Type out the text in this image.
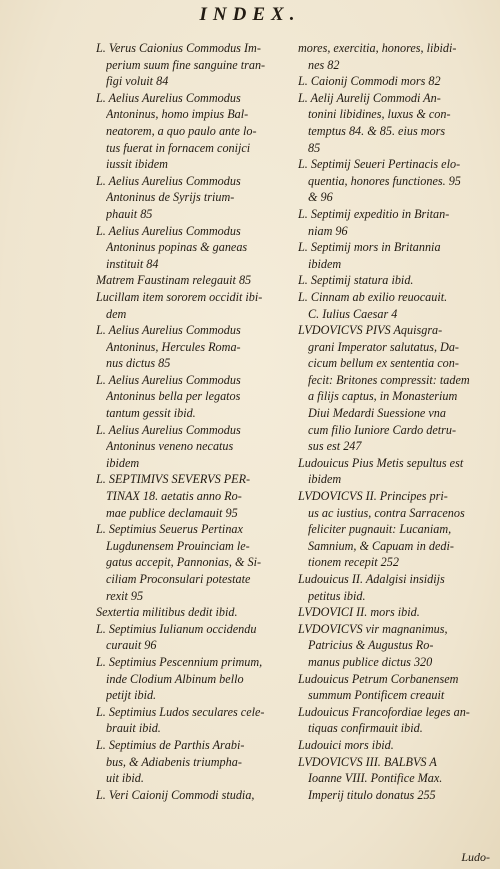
INDEX.
L. Verus Caionius Commodus Im-
perium suum fine sanguine tran-
figi voluit 84
L. Aelius Aurelius Commodus
Antoninus, homo impius Bal-
neatorem, a quo paulo ante lo-
tus fuerat in fornacem conijci
iussit ibidem
L. Aelius Aurelius Commodus
Antoninus de Syrijs trium-
phauit 85
L. Aelius Aurelius Commodus
Antoninus popinas & ganeas
instituit 84
Matrem Faustinam relegauit 85
Lucillam item sororem occidit ibi-
dem
L. Aelius Aurelius Commodus
Antoninus, Hercules Roma-
nus dictus 85
L. Aelius Aurelius Commodus
Antoninus bella per legatos
tantum gessit ibid.
L. Aelius Aurelius Commodus
Antoninus veneno necatus
ibidem
L. SEPTIMIVS SEVERVS PER-
TINAX 18. aetatis anno Ro-
mae publice declamauit 95
L. Septimius Seuerus Pertinax
Lugdunensem Prouinciam le-
gatus accepit, Pannonias, & Si-
ciliam Proconsulari potestate
rexit 95
Sextertia militibus dedit ibid.
L. Septimius Iulianum occidendu
curauit 96
L. Septimius Pescennium primum,
inde Clodium Albinum bello
petijt ibid.
L. Septimius Ludos seculares cele-
brauit ibid.
L. Septimius de Parthis Arabi-
bus, & Adiabenis triumpha-
uit ibid.
L. Veri Caionij Commodi studia,
mores, exercitia, honores, libidi-
nes 82
L. Caionij Commodi mors 82
L. Aelij Aurelij Commodi An-
tonini libidines, luxus & con-
temptus 84. & 85. eius mors
85
L. Septimij Seueri Pertinacis elo-
quentia, honores functiones. 95
& 96
L. Septimij expeditio in Britan-
niam 96
L. Septimij mors in Britannia
ibidem
L. Septimij statura ibid.
L. Cinnam ab exilio reuocauit.
C. Iulius Caesar 4
LVDOVICVS PIVS Aquisgra-
grani Imperator salutatus, Da-
cicum bellum ex sententia con-
fecit: Britones compressit: tadem
a filijs captus, in Monasterium
Diui Medardi Suessione vna
cum filio Iuniore Cardo detru-
sus est 247
Ludouicus Pius Metis sepultus est
ibidem
LVDOVICVS II. Principes pri-
us ac iustius, contra Sarracenos
feliciter pugnauit: Lucaniam,
Samnium, & Capuam in dedi-
tionem recepit 252
Ludouicus II. Adalgisi insidijs
petitus ibid.
LVDOVICI II. mors ibid.
LVDOVICVS vir magnanimus,
Patricius & Augustus Ro-
manus publice dictus 320
Ludouicus Petrum Corbanensem
summum Pontificem creauit
Ludouicus Francofordiae leges an-
tiquas confirmauit ibid.
Ludouici mors ibid.
LVDOVICVS III. BALBVS A
Ioanne VIII. Pontifice Max.
Imperij titulo donatus 255
Ludo-
